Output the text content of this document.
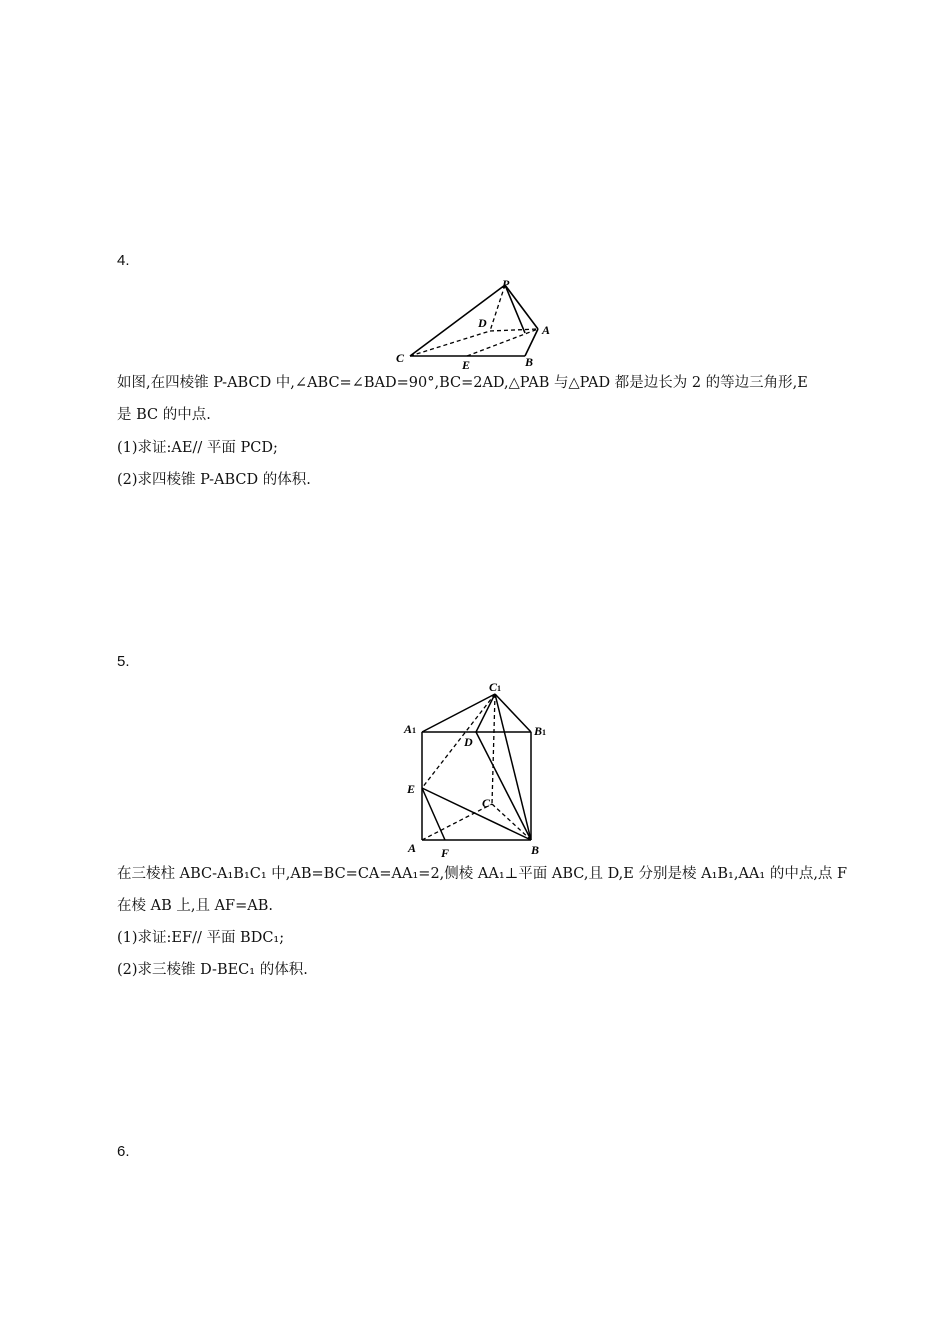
4.
P
D	A
C	E	B
如图,在四棱锥 P-ABCD 中,∠ABC=∠BAD=90°,BC=2AD,△PAB 与△PAD 都是边长为 2 的等边三角形,E
是 BC 的中点.
(1)求证:AE// 平面 PCD;
(2)求四棱锥 P-ABCD 的体积.
5.
C1
A1	B1
D
E
C
A F	B
在三棱柱 ABC-A₁B₁C₁ 中,AB=BC=CA=AA₁=2,侧棱 AA₁⊥平面 ABC,且 D,E 分别是棱 A₁B₁,AA₁ 的中点,点 F
在棱 AB 上,且 AF=AB.
(1)求证:EF// 平面 BDC₁;
(2)求三棱锥 D-BEC₁ 的体积.
6.
